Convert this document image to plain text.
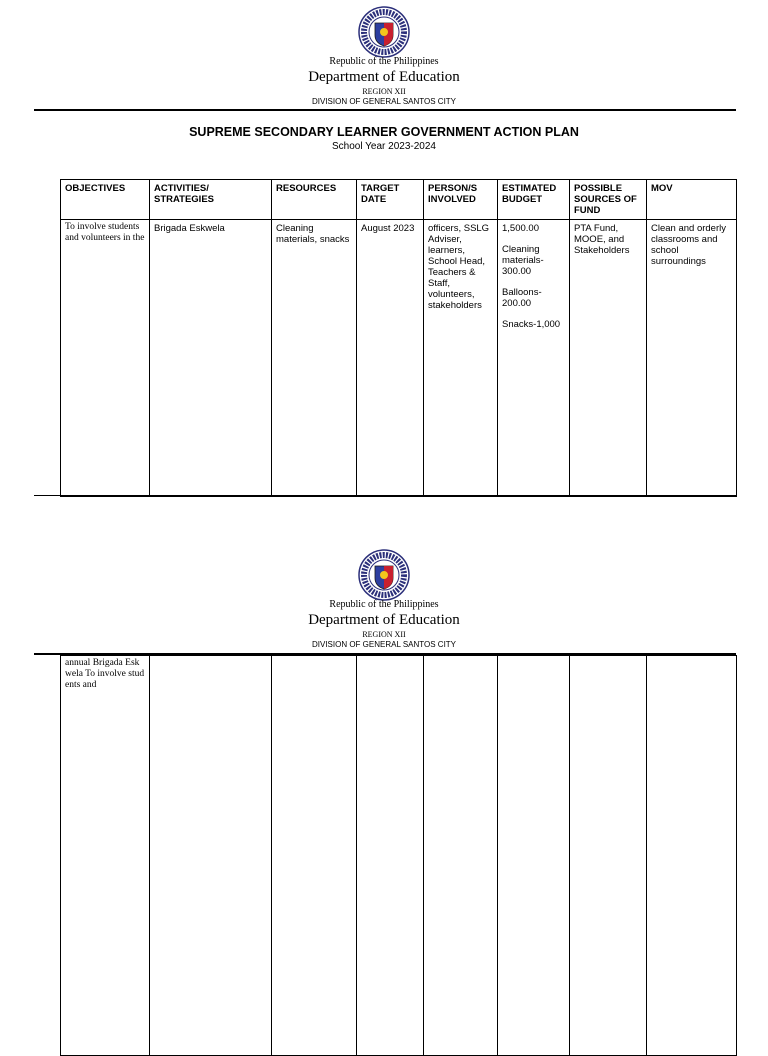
Republic of the Philippines
Department of Education
REGION XII
DIVISION OF GENERAL SANTOS CITY
SUPREME SECONDARY LEARNER GOVERNMENT ACTION PLAN
School Year 2023-2024
OBJECTIVES	ACTIVITIES/ STRATEGIES	RESOURCES	TARGET DATE	PERSON/S INVOLVED	ESTIMATED BUDGET	POSSIBLE SOURCES OF FUND	MOV
To involve students and volunteers in the	Brigada Eskwela	Cleaning materials, snacks	August 2023	officers, SSLG Adviser, learners, School Head, Teachers & Staff, volunteers, stakeholders	1,500.00
Cleaning materials-300.00
Balloons-200.00
Snacks-1,000	PTA Fund, MOOE, and Stakeholders	Clean and orderly classrooms and school surroundings
Republic of the Philippines
Department of Education
REGION XII
DIVISION OF GENERAL SANTOS CITY
annual Brigada Eskwela To involve students and							
